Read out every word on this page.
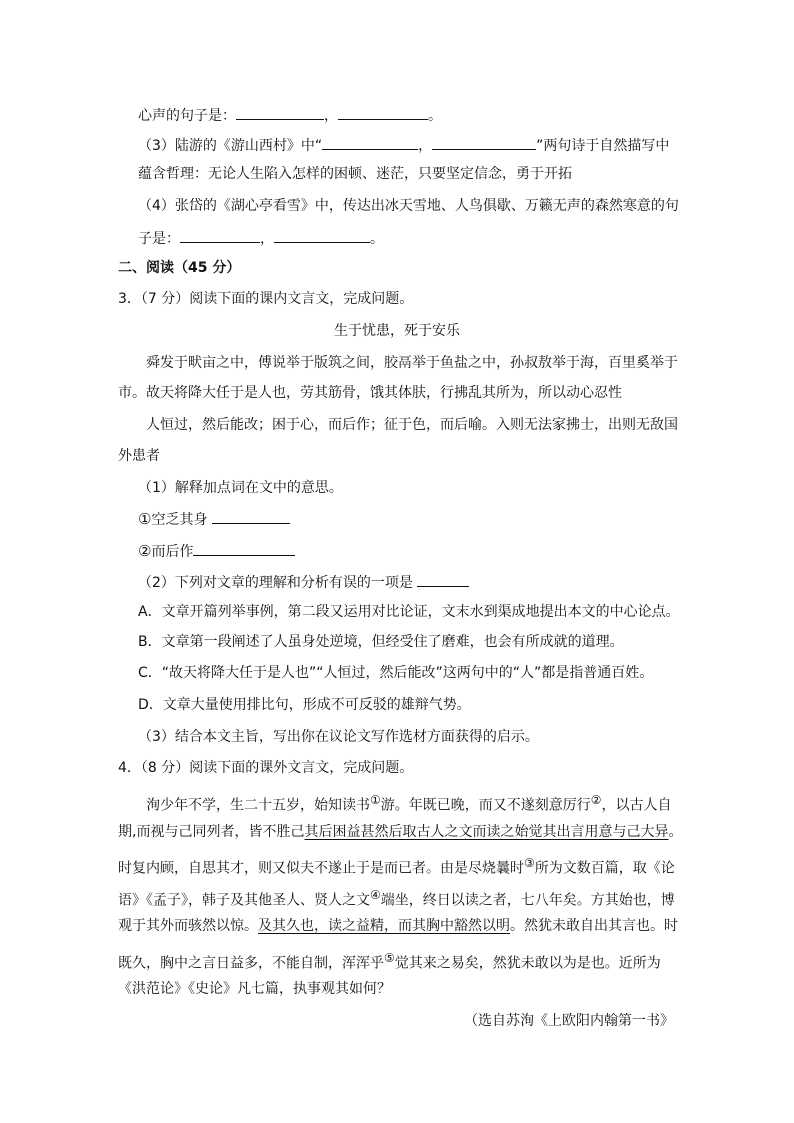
心声的句子是：	，	。
（3）陆游的《游山西村》中“	，	”两句诗于自然描写中
蕴含哲理：无论人生陷入怎样的困顿、迷茫，只要坚定信念，勇于开拓
（4）张岱的《湖心亭看雪》中，传达出冰天雪地、人鸟俱歇、万籁无声的森然寒意的句
子是：	，	。
二、阅读（45 分）
3．（7 分）阅读下面的课内文言文，完成问题。
生于忧患，死于安乐
舜发于畎亩之中，傅说举于版筑之间，胶鬲举于鱼盐之中，孙叔敖举于海，百里奚举于
市。故天将降大任于是人也，劳其筋骨，饿其体肤，行拂乱其所为，所以动心忍性
人恒过，然后能改；困于心，而后作；征于色，而后喻。入则无法家拂士，出则无敌国
外患者
（1）解释加点词在文中的意思。
①空乏其身
②而后作
（2）下列对文章的理解和分析有误的一项是
A．文章开篇列举事例，第二段又运用对比论证，文末水到渠成地提出本文的中心论点。
B．文章第一段阐述了人虽身处逆境，但经受住了磨难，也会有所成就的道理。
C．“故天将降大任于是人也”“人恒过，然后能改”这两句中的“人”都是指普通百姓。
D．文章大量使用排比句，形成不可反驳的雄辩气势。
（3）结合本文主旨，写出你在议论文写作选材方面获得的启示。
4．（8 分）阅读下面的课外文言文，完成问题。
洵少年不学，生二十五岁，始知读书①游。年既已晚，而又不遂刻意厉行②，以古人自
期,而视与己同列者，皆不胜己其后困益甚然后取古人之文而读之始觉其出言用意与己大异。
时复内顾，自思其才，则又似夫不遂止于是而已者。由是尽烧曩时③所为文数百篇，取《论
语》《孟子》，韩子及其他圣人、贤人之文④端坐，终日以读之者，七八年矣。方其始也，博
观于其外而骇然以惊。及其久也，读之益精，而其胸中豁然以明。然犹未敢自出其言也。时
既久，胸中之言日益多，不能自制，浑浑乎⑤觉其来之易矣，然犹未敢以为是也。近所为
《洪范论》《史论》凡七篇，执事观其如何？
（选自苏洵《上欧阳内翰第一书》
